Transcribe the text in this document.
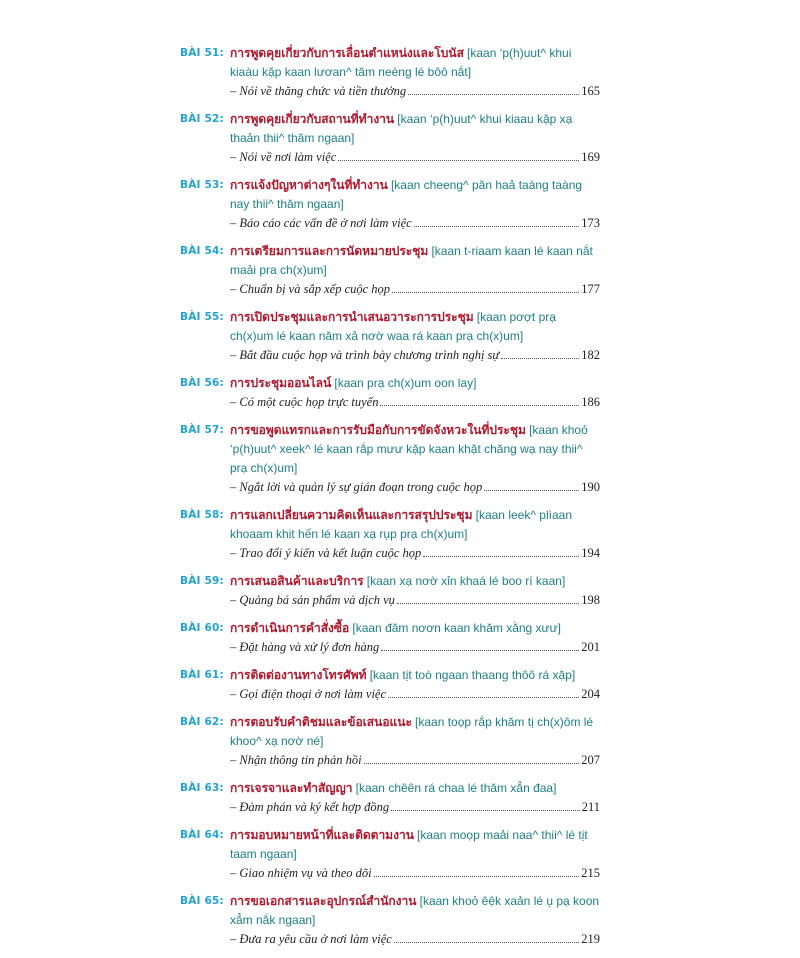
BÀI 51: การพูดคุยเกี่ยวกับการเลื่อนตำแหน่งและโบนัส [kaan ‘p(h)uut^ khui kiaàu kặp kaan lươan^ tăm neèng lé bôô nắt]
– Nói về thăng chức và tiền thưởng	165
BÀI 52: การพูดคุยเกี่ยวกับสถานที่ทำงาน [kaan ‘p(h)uut^ khui kiaau kặp xạ thaản thii^ thăm ngaan]
– Nói về nơi làm việc	169
BÀI 53: การแจ้งปัญหาต่างๆในที่ทำงาน [kaan cheeng^ păn haả taàng taàng nay thii^ thăm ngaan]
– Báo cáo các vấn đề ở nơi làm việc	173
BÀI 54: การเตรียมการและการนัดหมายประชุม [kaan t-riaam kaan lé kaan nắt maải pra ch(x)um]
– Chuẩn bị và sắp xếp cuộc họp	177
BÀI 55: การเปิดประชุมและการนำเสนอวาระการประชุม [kaan pơợt prạ ch(x)um lé kaan năm xả nơờ waa rá kaan prạ ch(x)um]
– Bắt đầu cuộc họp và trình bày chương trình nghị sự	182
BÀI 56: การประชุมออนไลน์ [kaan prạ ch(x)um oon lay]
– Có một cuộc họp trực tuyến	186
BÀI 57: การขอพูดแทรกและการรับมือกับการขัดจังหวะในที่ประชุม [kaan khoỏ ‘p(h)uut^ xeek^ lé kaan rắp mưư kặp kaan khặt chăng wạ nay thii^ prạ ch(x)um]
– Ngắt lời và quản lý sự gián đoạn trong cuộc họp	190
BÀI 58: การแลกเปลี่ยนความคิดเห็นและการสรุปประชุม [kaan leek^ plìaan khoaam khit hến lé kaan xạ rụp prạ ch(x)um]
– Trao đổi ý kiến và kết luận cuộc họp	194
BÀI 59: การเสนอสินค้าและบริการ [kaan xạ nơờ xỉn khaá lé boo rí kaan]
– Quảng bá sản phẩm và dịch vụ	198
BÀI 60: การดำเนินการคำสั่งซื้อ [kaan đăm nơơn kaan khăm xằng xưư]
– Đặt hàng và xử lý đơn hàng	201
BÀI 61: การติดต่องานทางโทรศัพท์ [kaan tịt toò ngaan thaang thôô rá xặp]
– Gọi điện thoại ở nơi làm việc	204
BÀI 62: การตอบรับคำติชมและข้อเสนอแนะ [kaan toọp rắp khăm tị ch(x)ôm lé khoo^ xạ nơờ né]
– Nhận thông tin phản hồi	207
BÀI 63: การเจรจาและทำสัญญา [kaan chêên rá chaa lé thăm xẳn đaa]
– Đàm phán và ký kết hợp đồng	211
BÀI 64: การมอบหมายหน้าที่และติดตามงาน [kaan moọp maải naa^ thii^ lé tịt taam ngaan]
– Giao nhiệm vụ và theo dõi	215
BÀI 65: การขอเอกสารและอุปกรณ์สำนักงาน [kaan khoỏ êệk xaản lé ụ pạ koon xẳm nắk ngaan]
– Đưa ra yêu cầu ở nơi làm việc	219
